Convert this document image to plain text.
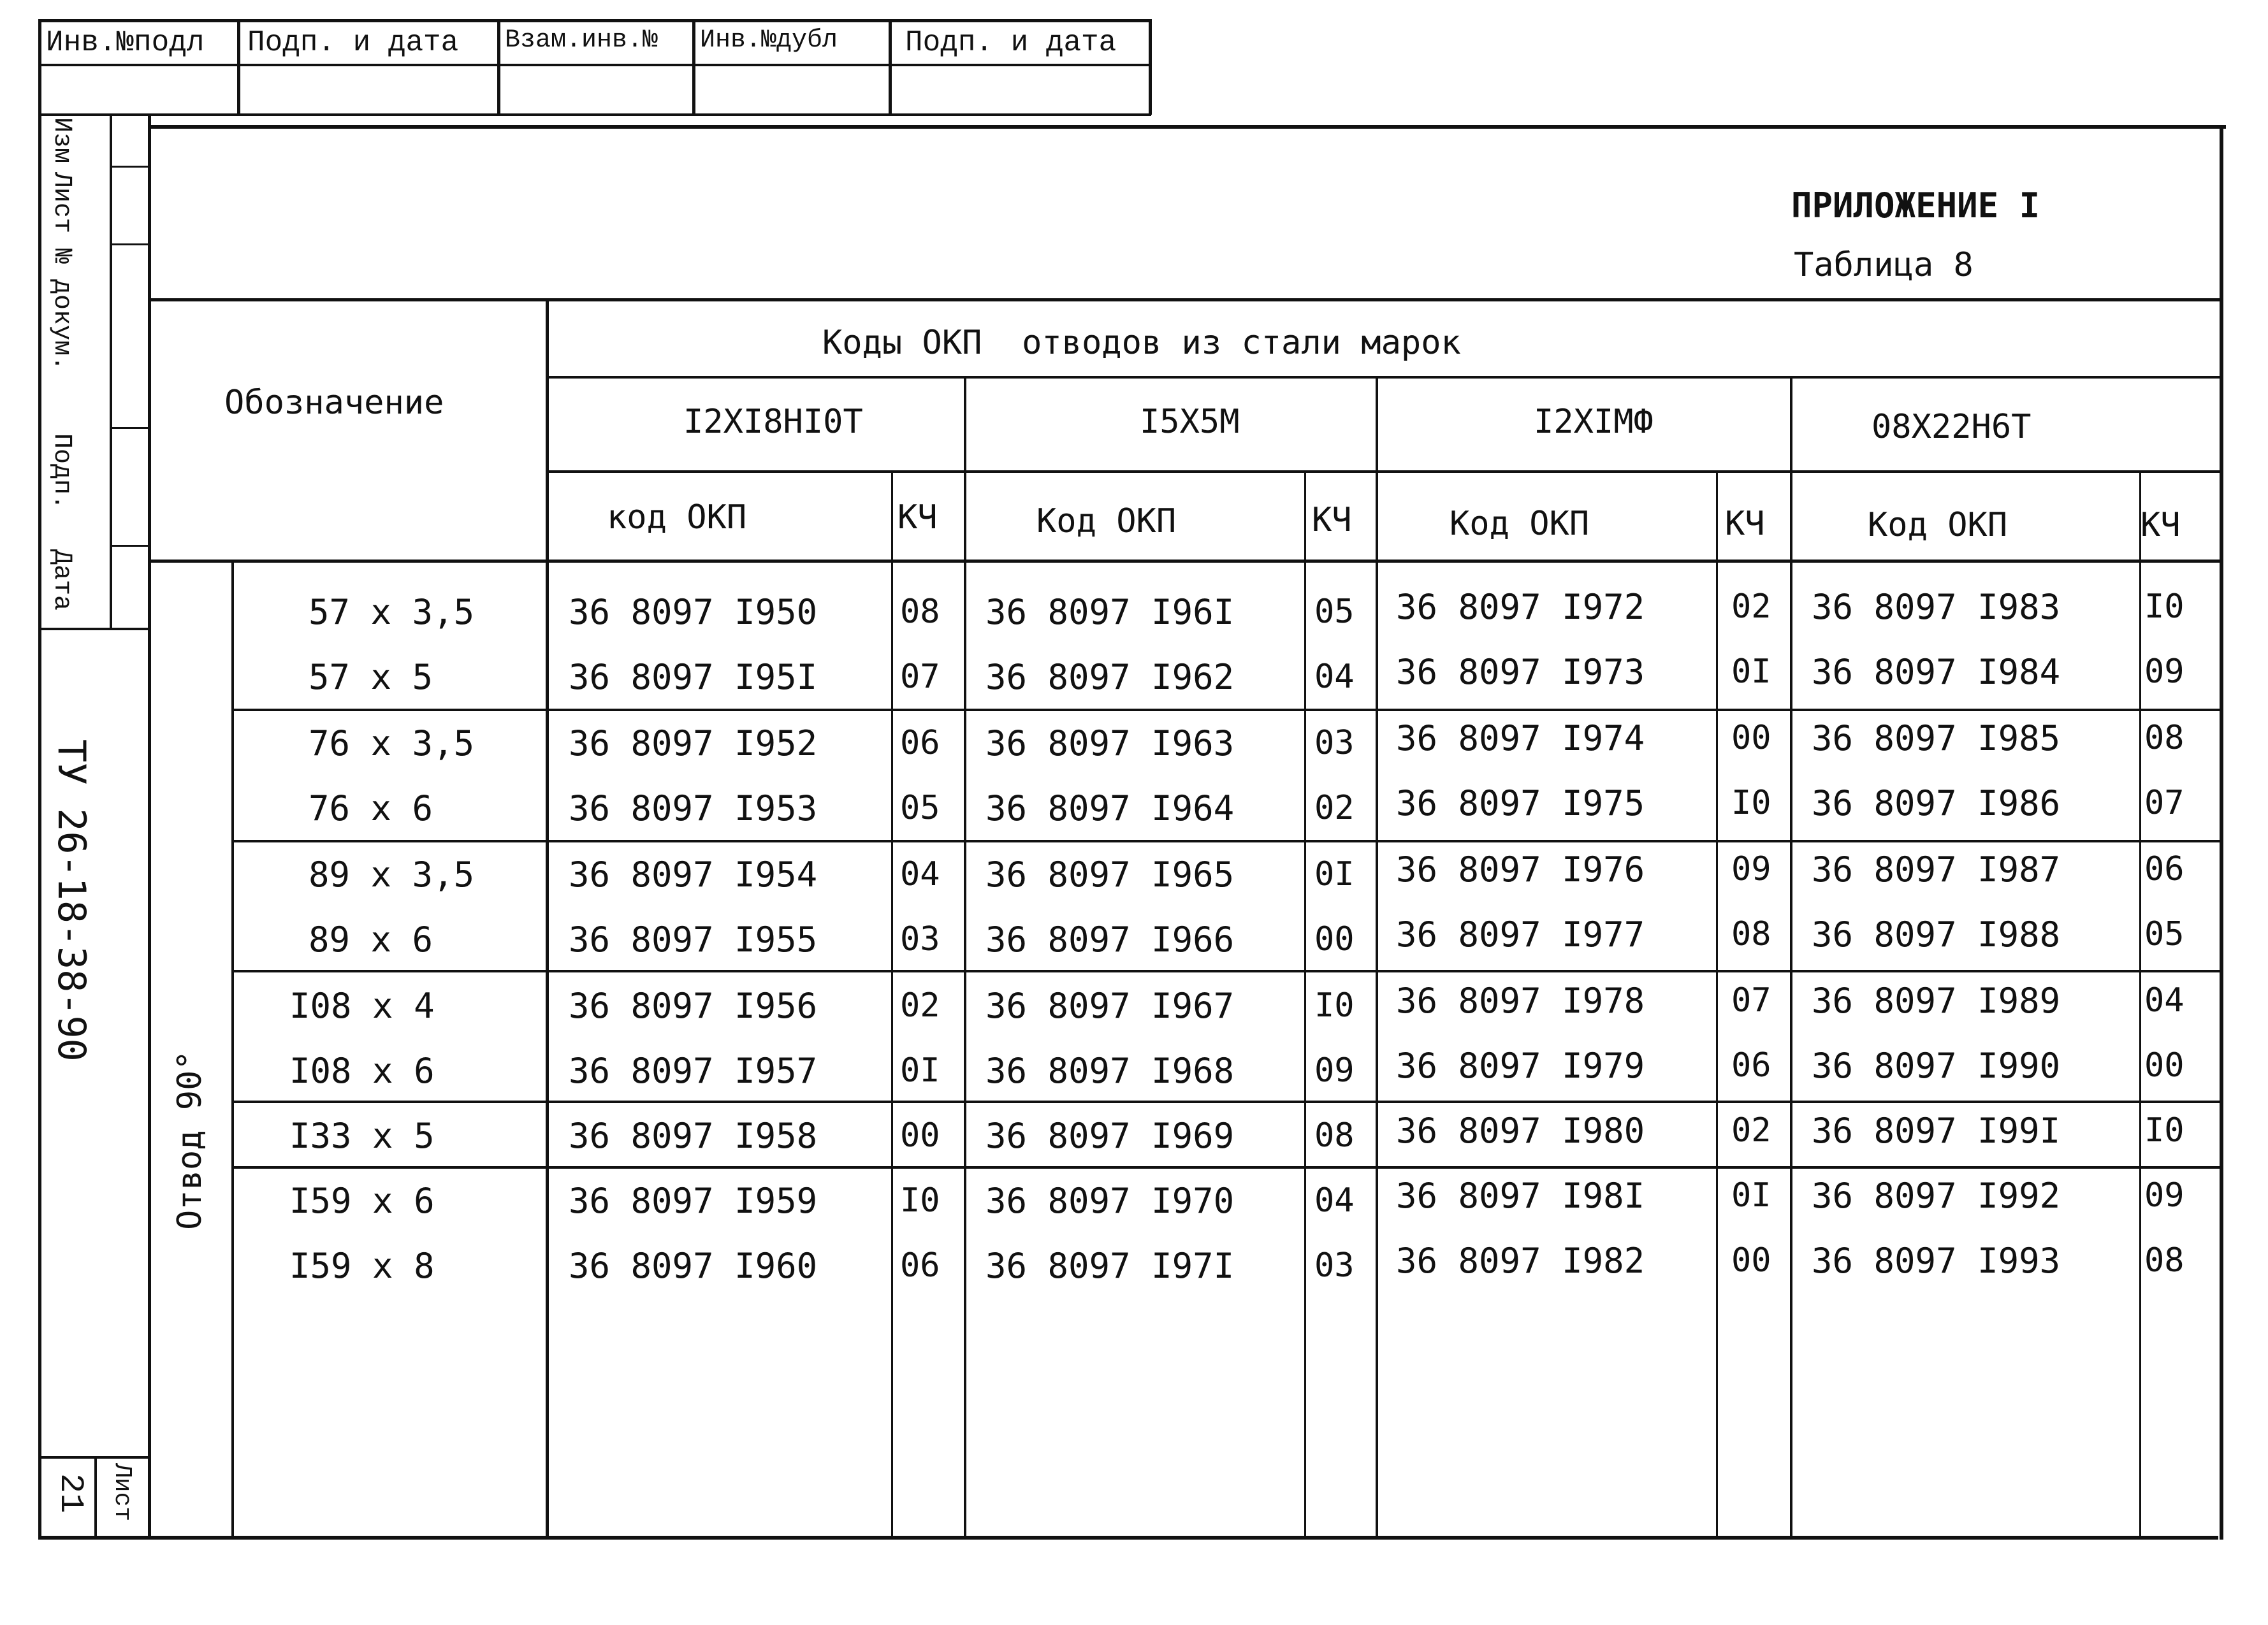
Инв.№подл Подп. и дата Взам.инв.№ Инв.№дубл Подп. и дата
Изм
Лист
№ докум.
Подп.
Дата
ТУ 26-18-38-90
Лист
21
ПРИЛОЖЕНИЕ I
Таблица 8
Обозначение
Коды ОКП  отводов из стали марок
I2XI8HI0T	I5X5M	I2XIMФ	08X22H6T
код ОКП	КЧ	Код ОКП	КЧ	Код ОКП	КЧ	Код ОКП	КЧ
Отвод 90°
57 x 3,5	36 8097 I950 08 36 8097 I96I 05 36 8097 I972	02 36 8097 I983	I0
57 x 5	36 8097 I95I 07 36 8097 I962 04 36 8097 I973	0I 36 8097 I984	09
76 x 3,5	36 8097 I952 06 36 8097 I963 03 36 8097 I974	00 36 8097 I985	08
76 x 6	36 8097 I953 05 36 8097 I964 02 36 8097 I975	I0 36 8097 I986	07
89 x 3,5	36 8097 I954 04 36 8097 I965 0I 36 8097 I976	09 36 8097 I987	06
89 x 6	36 8097 I955 03 36 8097 I966 00 36 8097 I977	08 36 8097 I988	05
I08 x 4	36 8097 I956 02 36 8097 I967 I0 36 8097 I978	07 36 8097 I989	04
I08 x 6	36 8097 I957 0I 36 8097 I968 09 36 8097 I979	06 36 8097 I990	00
I33 x 5	36 8097 I958 00 36 8097 I969 08 36 8097 I980	02 36 8097 I99I	I0
I59 x 6	36 8097 I959 I0 36 8097 I970 04 36 8097 I98I	0I 36 8097 I992	09
I59 x 8	36 8097 I960 06 36 8097 I97I 03 36 8097 I982	00 36 8097 I993	08
